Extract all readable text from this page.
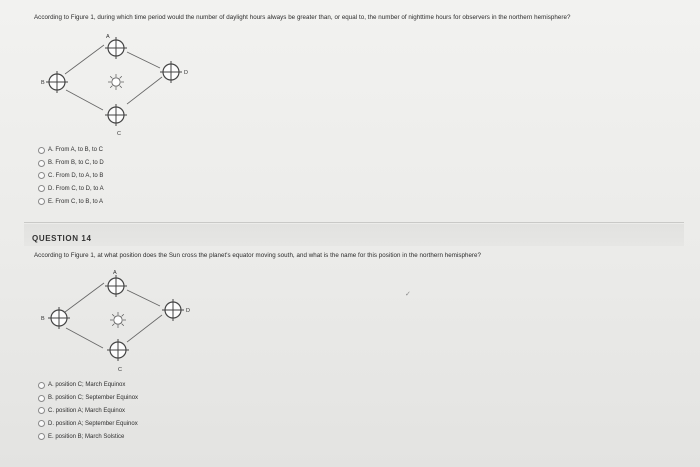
According to Figure 1, during which time period would the number of daylight hours always be greater than, or equal to, the number of nighttime hours for observers in the northern hemisphere?
A
B
C
D
A. From A, to B, to C
B. From B, to C, to D
C. From D, to A, to B
D. From C, to D, to A
E. From C, to B, to A
QUESTION 14
According to Figure 1, at what position does the Sun cross the planet's equator moving south, and what is the name for this position in the northern hemisphere?
A
B
C
D
✓
A. position C; March Equinox
B. position C; September Equinox
C. position A; March Equinox
D. position A; September Equinox
E. position B; March Solstice
